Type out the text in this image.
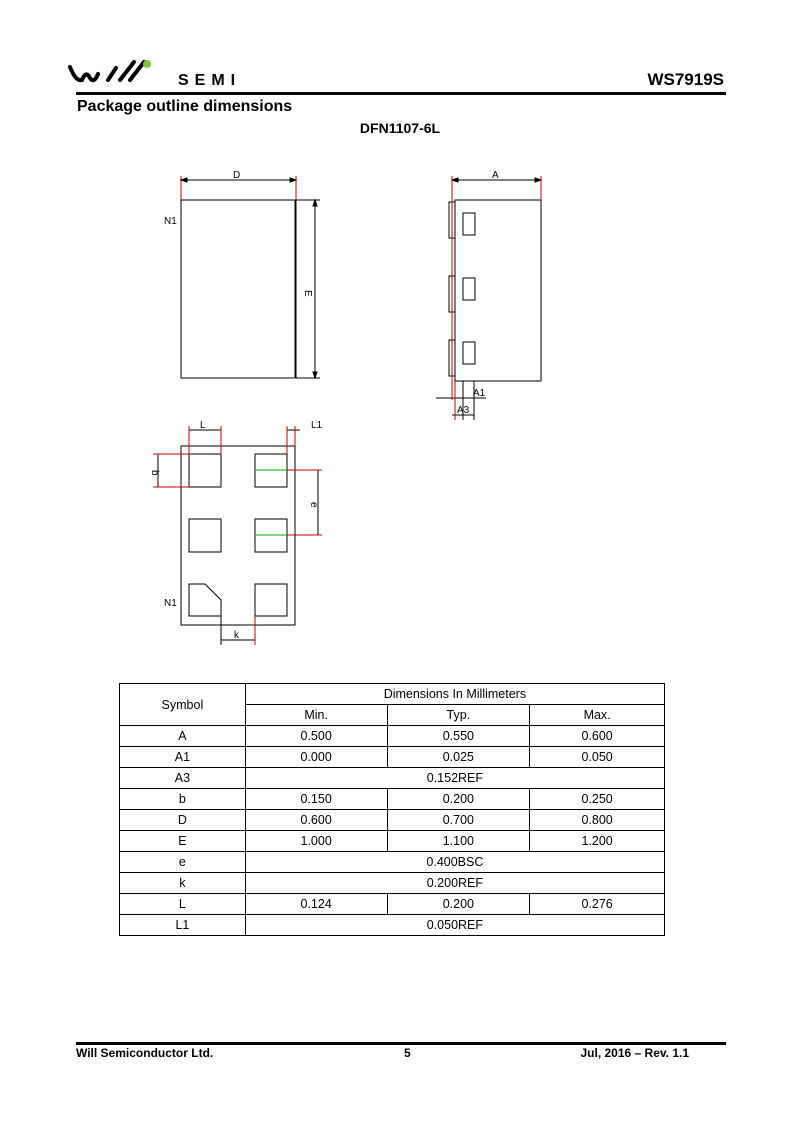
SEMI	WS7919S
Package outline dimensions
DFN1107-6L
D
N1
E
A
A1
A3
L	L1
b
e
N1
k
Symbol	Dimensions In Millimeters		
	Min.	Typ.	Max.
A	0.500	0.550	0.600
A1	0.000	0.025	0.050
A3	0.152REF		
b	0.150	0.200	0.250
D	0.600	0.700	0.800
E	1.000	1.100	1.200
e	0.400BSC		
k	0.200REF		
L	0.124	0.200	0.276
L1	0.050REF		
Will Semiconductor Ltd.	5	Jul, 2016 – Rev. 1.1
